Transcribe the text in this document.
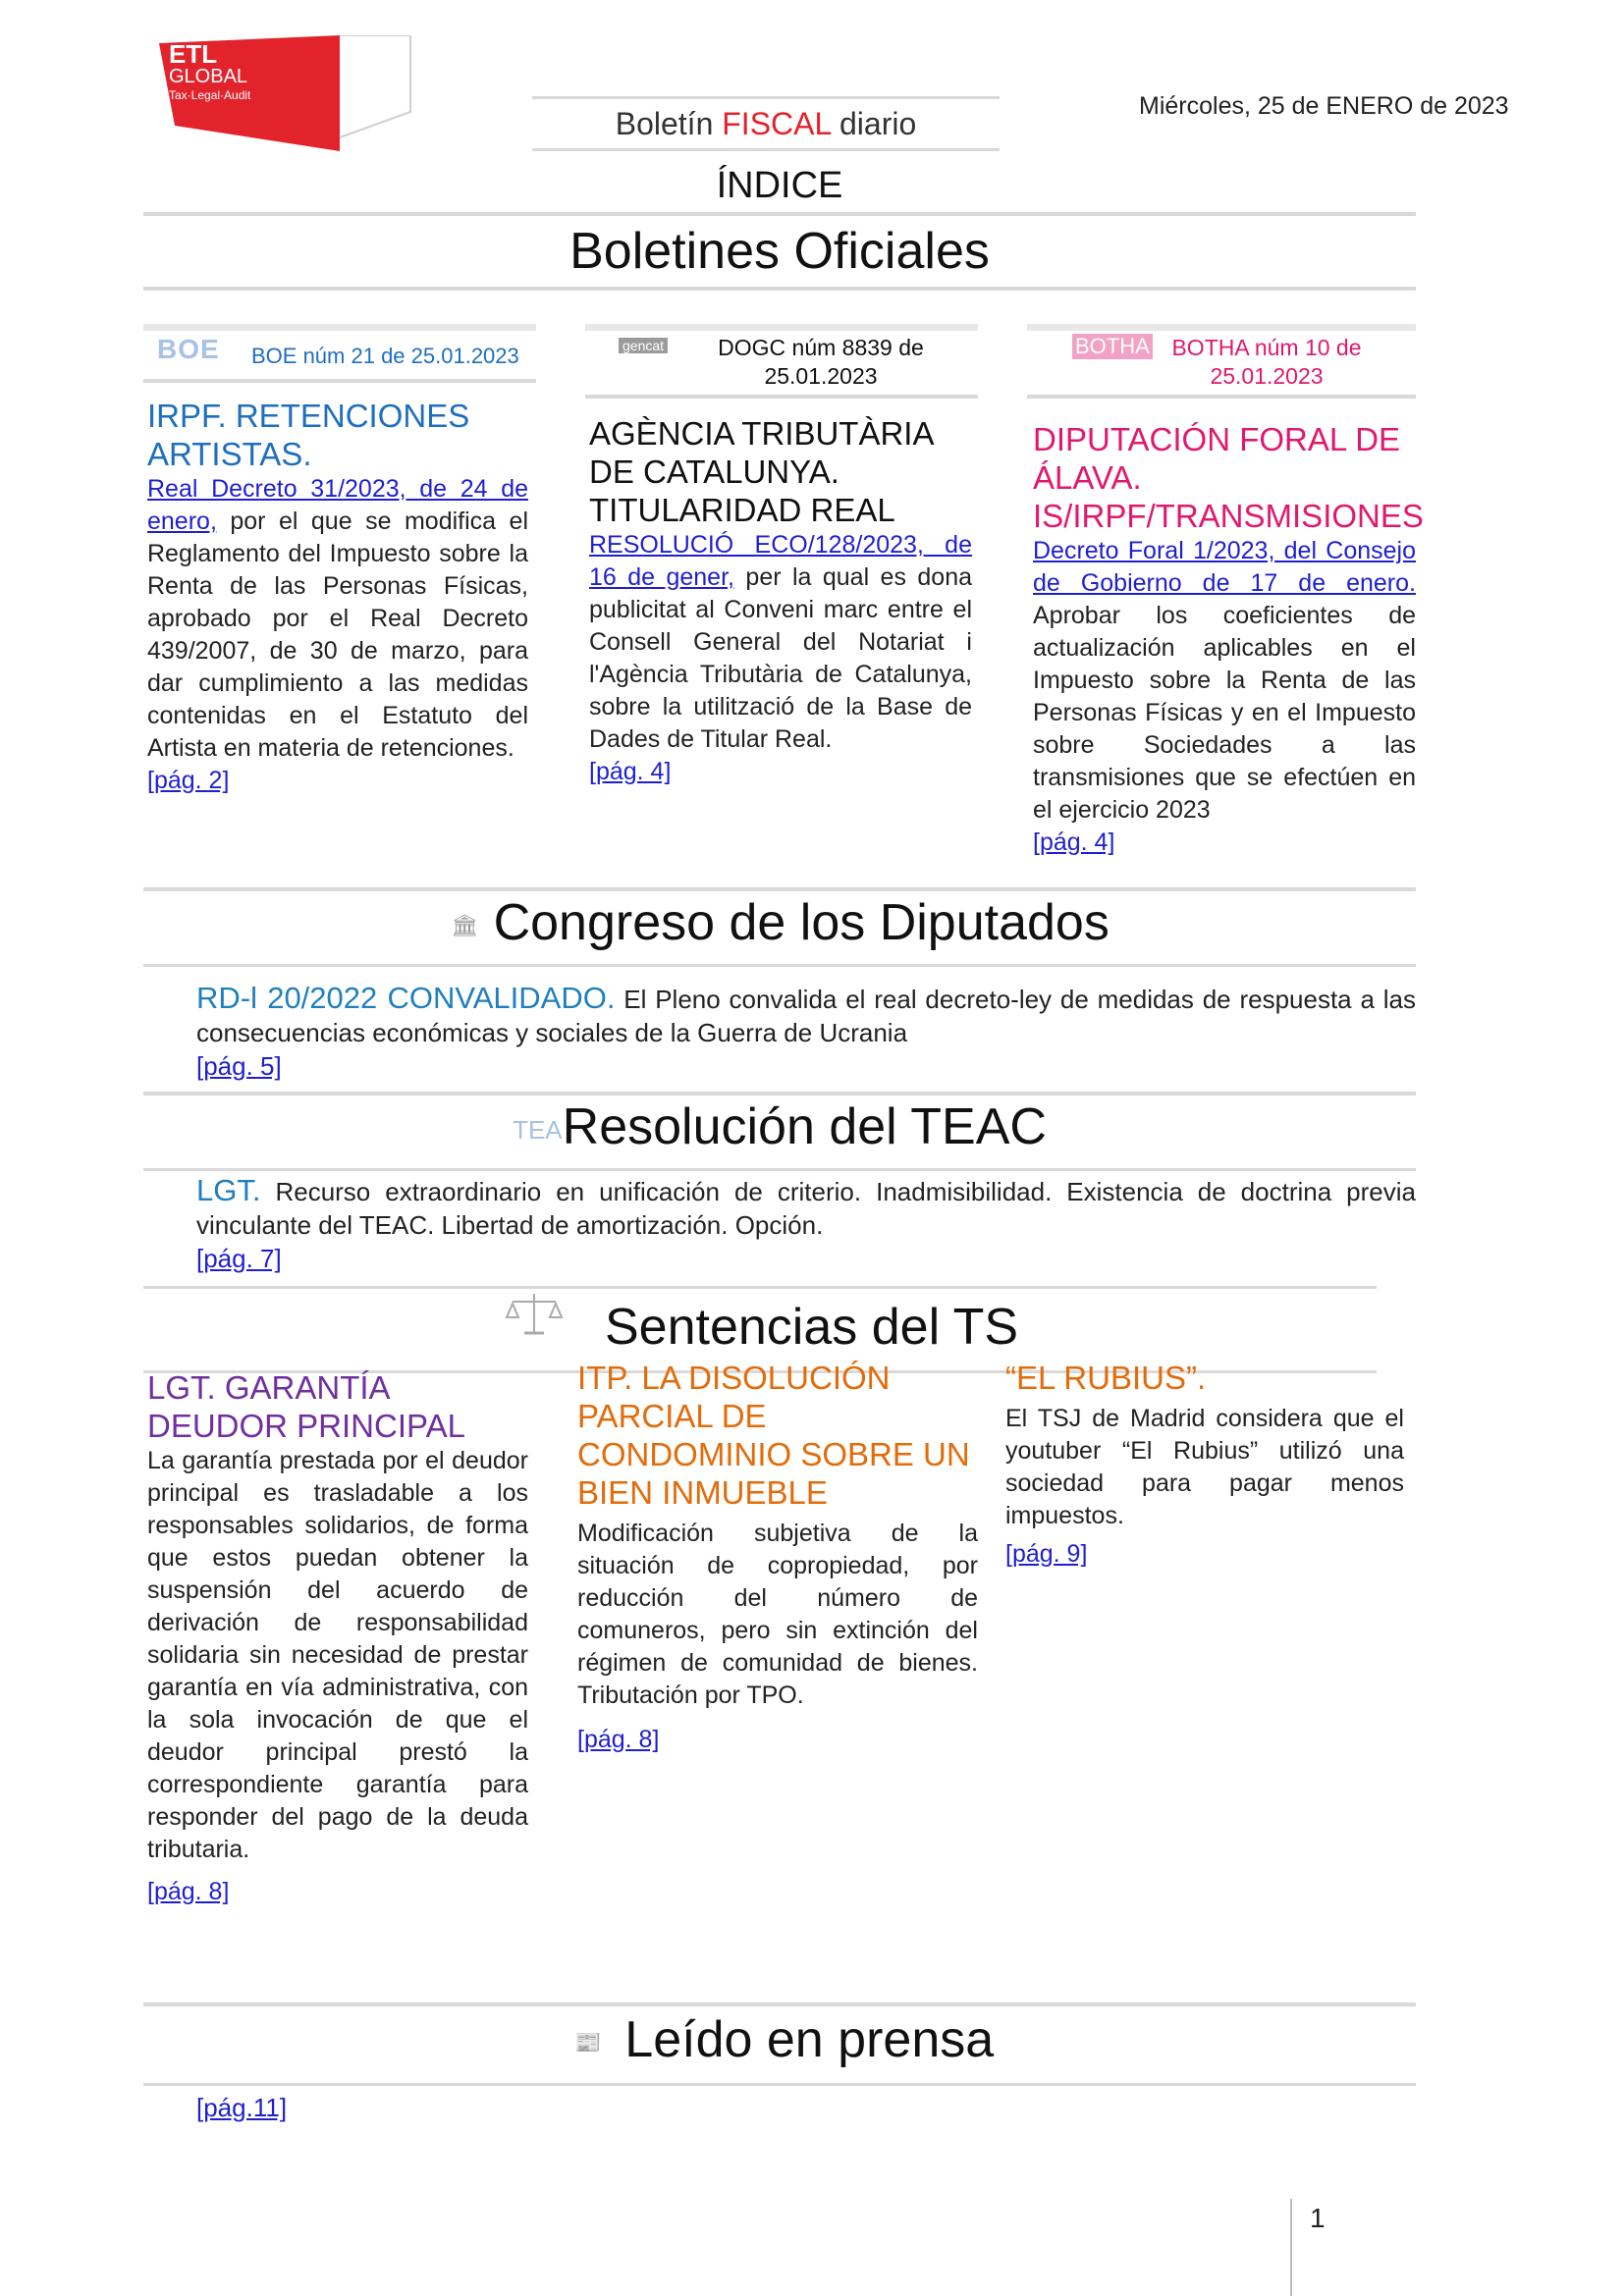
ETL
GLOBAL
Tax·Legal·Audit
Boletín FISCAL diario	Miércoles, 25 de ENERO de 2023
ÍNDICE
Boletines Oficiales
BOE BOE núm 21 de 25.01.2023
IRPF. RETENCIONES ARTISTAS.
Real Decreto 31/2023, de 24 de enero, por el que se modifica el Reglamento del Impuesto sobre la Renta de las Personas Físicas, aprobado por el Real Decreto 439/2007, de 30 de marzo, para dar cumplimiento a las medidas contenidas en el Estatuto del Artista en materia de retenciones.
[pág. 2]
gencat	DOGC núm 8839 de 25.01.2023
AGÈNCIA TRIBUTÀRIA DE CATALUNYA. TITULARIDAD REAL
RESOLUCIÓ ECO/128/2023, de 16 de gener, per la qual es dona publicitat al Conveni marc entre el Consell General del Notariat i l'Agència Tributària de Catalunya, sobre la utilització de la Base de Dades de Titular Real.
[pág. 4]
BOTHA BOTHA núm 10 de 25.01.2023
DIPUTACIÓN FORAL DE ÁLAVA. IS/IRPF/TRANSMISIONES
Decreto Foral 1/2023, del Consejo de Gobierno de 17 de enero. Aprobar los coeficientes de actualización aplicables en el Impuesto sobre la Renta de las Personas Físicas y en el Impuesto sobre Sociedades a las transmisiones que se efectúen en el ejercicio 2023
[pág. 4]
🏛 Congreso de los Diputados
RD-l 20/2022 CONVALIDADO. El Pleno convalida el real decreto-ley de medidas de respuesta a las consecuencias económicas y sociales de la Guerra de Ucrania
[pág. 5]
TEAResolución del TEAC
LGT. Recurso extraordinario en unificación de criterio. Inadmisibilidad. Existencia de doctrina previa vinculante del TEAC. Libertad de amortización. Opción.
[pág. 7]
Sentencias del TS
LGT. GARANTÍA DEUDOR PRINCIPAL
La garantía prestada por el deudor principal es trasladable a los responsables solidarios, de forma que estos puedan obtener la suspensión del acuerdo de derivación de responsabilidad solidaria sin necesidad de prestar garantía en vía administrativa, con la sola invocación de que el deudor principal prestó la correspondiente garantía para responder del pago de la deuda tributaria.
[pág. 8]
ITP. LA DISOLUCIÓN PARCIAL DE CONDOMINIO SOBRE UN BIEN INMUEBLE
Modificación subjetiva de la situación de copropiedad, por reducción del número de comuneros, pero sin extinción del régimen de comunidad de bienes. Tributación por TPO.
[pág. 8]
“EL RUBIUS”.
El TSJ de Madrid considera que el youtuber “El Rubius” utilizó una sociedad para pagar menos impuestos.
[pág. 9]
📰 Leído en prensa
[pág.11]
1
